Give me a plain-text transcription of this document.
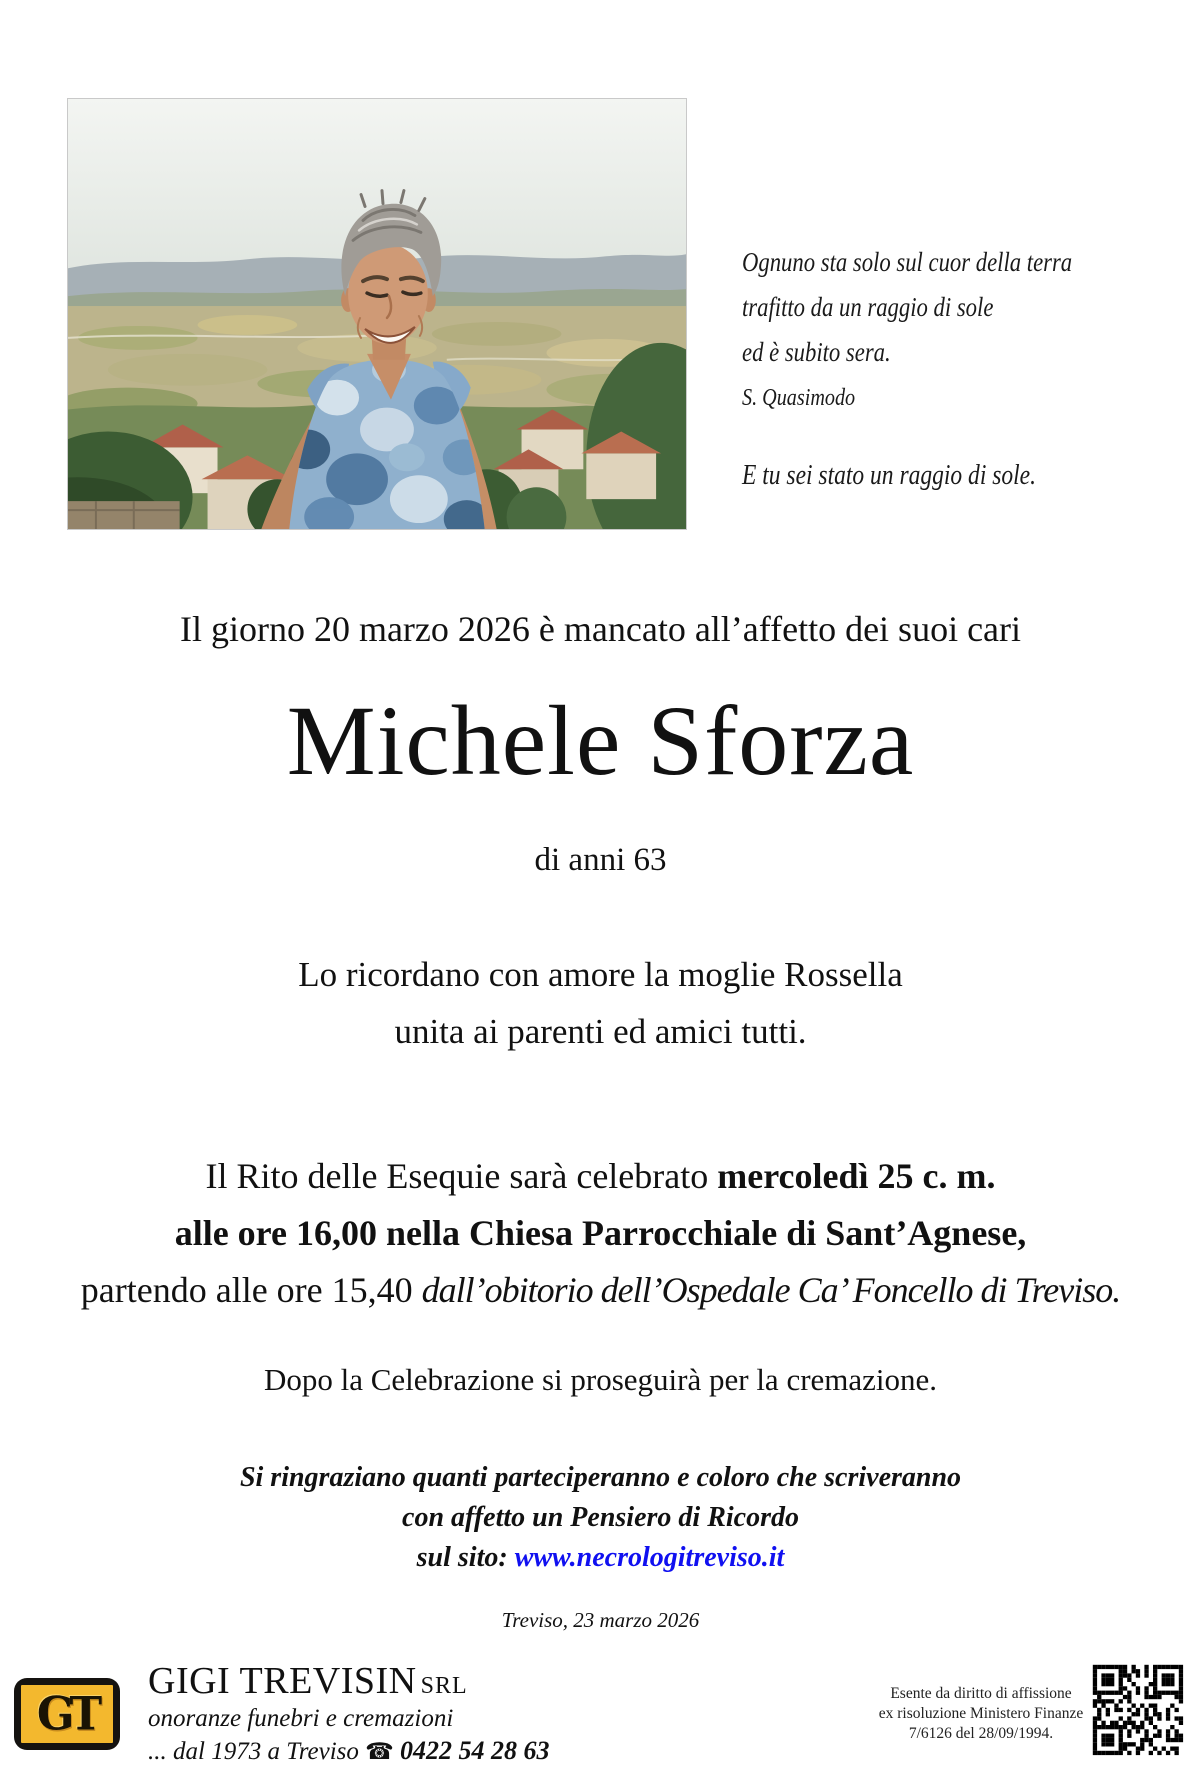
Ognuno sta solo sul cuor della terra
trafitto da un raggio di sole
ed è subito sera.
S. Quasimodo
E tu sei stato un raggio di sole.
Il giorno 20 marzo 2026 è mancato all’affetto dei suoi cari
Michele Sforza
di anni 63
Lo ricordano con amore la moglie Rossella
unita ai parenti ed amici tutti.
Il Rito delle Esequie sarà celebrato mercoledì 25 c. m.
alle ore 16,00 nella Chiesa Parrocchiale di Sant’Agnese,
partendo alle ore 15,40 dall’obitorio dell’Ospedale Ca’ Foncello di Treviso.
Dopo la Celebrazione si proseguirà per la cremazione.
Si ringraziano quanti parteciperanno e coloro che scriveranno
con affetto un Pensiero di Ricordo
sul sito: www.necrologitreviso.it
Treviso, 23 marzo 2026
GT
GIGI TREVISIN SRL
onoranze funebri e cremazioni
... dal 1973 a Treviso ☎ 0422 54 28 63
Esente da diritto di affissione
ex risoluzione Ministero Finanze
7/6126 del 28/09/1994.
